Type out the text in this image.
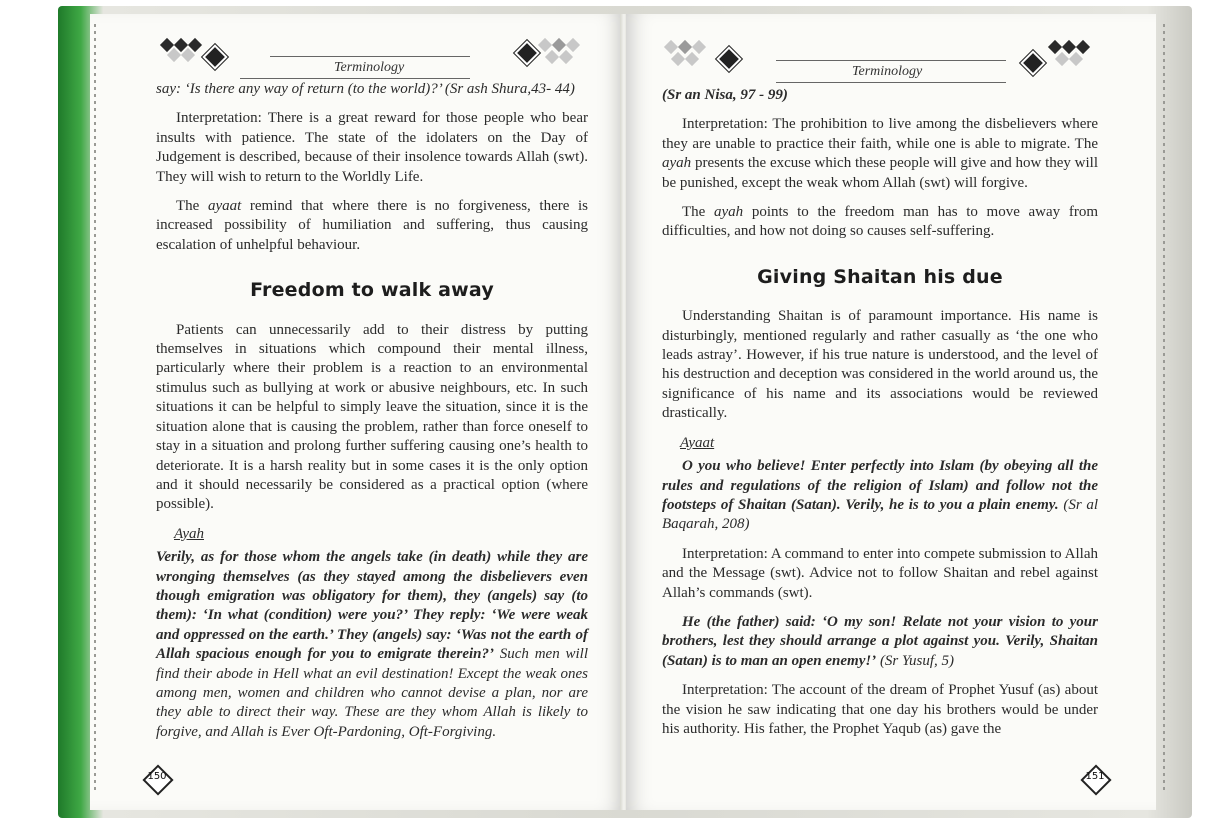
Terminology

say: ‘Is there any way of return (to the world)?’ (Sr ash Shura,43- 44)

Interpretation: There is a great reward for those people who bear insults with patience. The state of the idolaters on the Day of Judgement is described, because of their insolence towards Allah (swt). They will wish to return to the Worldly Life.

The ayaat remind that where there is no forgiveness, there is increased possibility of humiliation and suffering, thus causing escalation of unhelpful behaviour.

Freedom to walk away

Patients can unnecessarily add to their distress by putting themselves in situations which compound their mental illness, particularly where their problem is a reaction to an environmental stimulus such as bullying at work or abusive neighbours, etc. In such situations it can be helpful to simply leave the situation, since it is the situation alone that is causing the problem, rather than force oneself to stay in a situation and prolong further suffering causing one’s health to deteriorate. It is a harsh reality but in some cases it is the only option and it should necessarily be considered as a practical option (where possible).

Ayah

Verily, as for those whom the angels take (in death) while they are wronging themselves (as they stayed among the disbelievers even though emigration was obligatory for them), they (angels) say (to them): ‘In what (condition) were you?’ They reply: ‘We were weak and oppressed on the earth.’ They (angels) say: ‘Was not the earth of Allah spacious enough for you to emigrate therein?’ Such men will find their abode in Hell what an evil destination! Except the weak ones among men, women and children who cannot devise a plan, nor are they able to direct their way. These are they whom Allah is likely to forgive, and Allah is Ever Oft-Pardoning, Oft-Forgiving.

150
Terminology

(Sr an Nisa, 97 - 99)

Interpretation: The prohibition to live among the disbelievers where they are unable to practice their faith, while one is able to migrate. The ayah presents the excuse which these people will give and how they will be punished, except the weak whom Allah (swt) will forgive.

The ayah points to the freedom man has to move away from difficulties, and how not doing so causes self-suffering.

Giving Shaitan his due

Understanding Shaitan is of paramount importance. His name is disturbingly, mentioned regularly and rather casually as ‘the one who leads astray’. However, if his true nature is understood, and the level of his destruction and deception was considered in the world around us, the significance of his name and its associations would be reviewed drastically.

Ayaat

O you who believe! Enter perfectly into Islam (by obeying all the rules and regulations of the religion of Islam) and follow not the footsteps of Shaitan (Satan). Verily, he is to you a plain enemy. (Sr al Baqarah, 208)

Interpretation: A command to enter into compete submission to Allah and the Message (swt). Advice not to follow Shaitan and rebel against Allah’s commands (swt).

He (the father) said: ‘O my son! Relate not your vision to your brothers, lest they should arrange a plot against you. Verily, Shaitan (Satan) is to man an open enemy!’ (Sr Yusuf, 5)

Interpretation: The account of the dream of Prophet Yusuf (as) about the vision he saw indicating that one day his brothers would be under his authority. His father, the Prophet Yaqub (as) gave the

151
